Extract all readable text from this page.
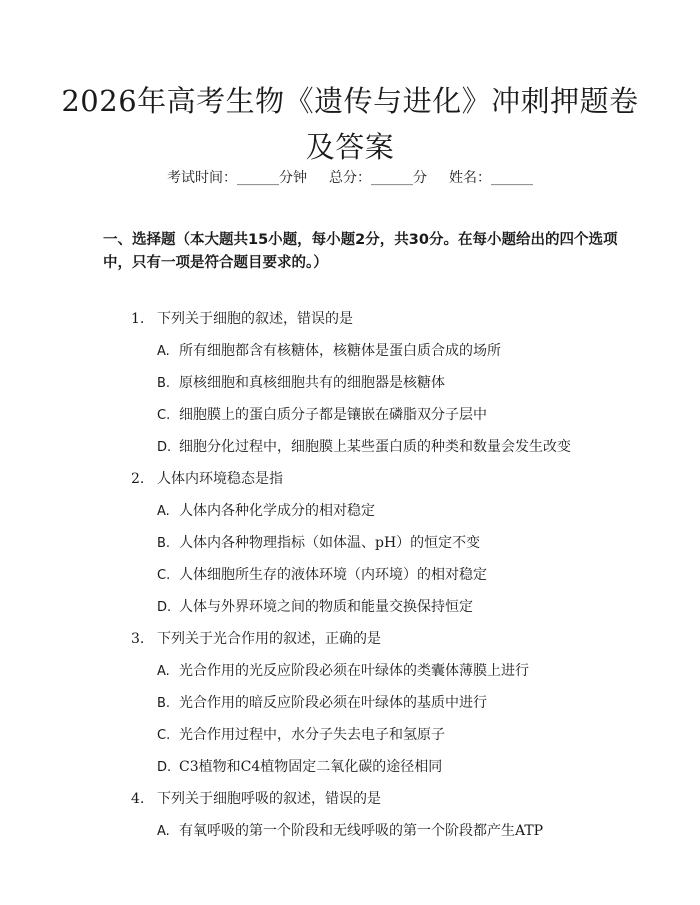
2026年高考生物《遗传与进化》冲刺押题卷
及答案
考试时间：______分钟 总分：______分 姓名：______
一、选择题（本大题共15小题，每小题2分，共30分。在每小题给出的四个选项中，只有一项是符合题目要求的。）
1. 下列关于细胞的叙述，错误的是
A. 所有细胞都含有核糖体，核糖体是蛋白质合成的场所
B. 原核细胞和真核细胞共有的细胞器是核糖体
C. 细胞膜上的蛋白质分子都是镶嵌在磷脂双分子层中
D. 细胞分化过程中，细胞膜上某些蛋白质的种类和数量会发生改变
2. 人体内环境稳态是指
A. 人体内各种化学成分的相对稳定
B. 人体内各种物理指标（如体温、pH）的恒定不变
C. 人体细胞所生存的液体环境（内环境）的相对稳定
D. 人体与外界环境之间的物质和能量交换保持恒定
3. 下列关于光合作用的叙述，正确的是
A. 光合作用的光反应阶段必须在叶绿体的类囊体薄膜上进行
B. 光合作用的暗反应阶段必须在叶绿体的基质中进行
C. 光合作用过程中，水分子失去电子和氢原子
D. C3植物和C4植物固定二氧化碳的途径相同
4. 下列关于细胞呼吸的叙述，错误的是
A. 有氧呼吸的第一个阶段和无线呼吸的第一个阶段都产生ATP
